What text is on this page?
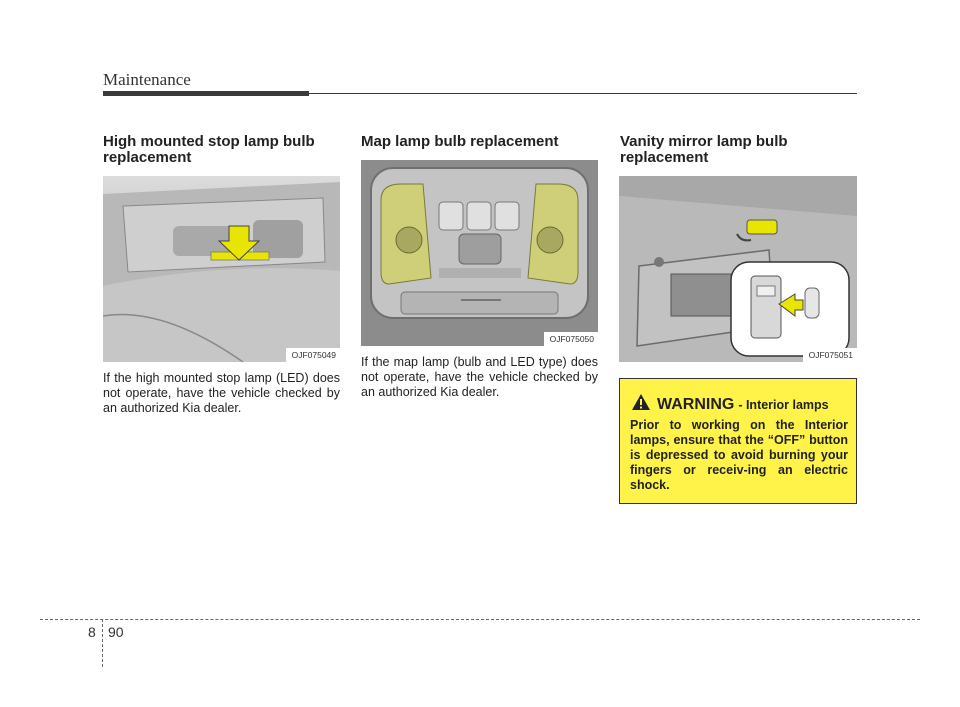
Maintenance
High mounted stop lamp bulb replacement
OJF075049
If the high mounted stop lamp (LED) does not operate, have the vehicle checked by an authorized Kia dealer.
Map lamp bulb replacement
OJF075050
If the map lamp (bulb and LED type) does not operate, have the vehicle checked by an authorized Kia dealer.
Vanity mirror lamp bulb replacement
OJF075051
WARNING - Interior lamps
Prior to working on the Interior lamps, ensure that the “OFF” button is depressed to avoid burning your fingers or receiv-ing an electric shock.
8 90
